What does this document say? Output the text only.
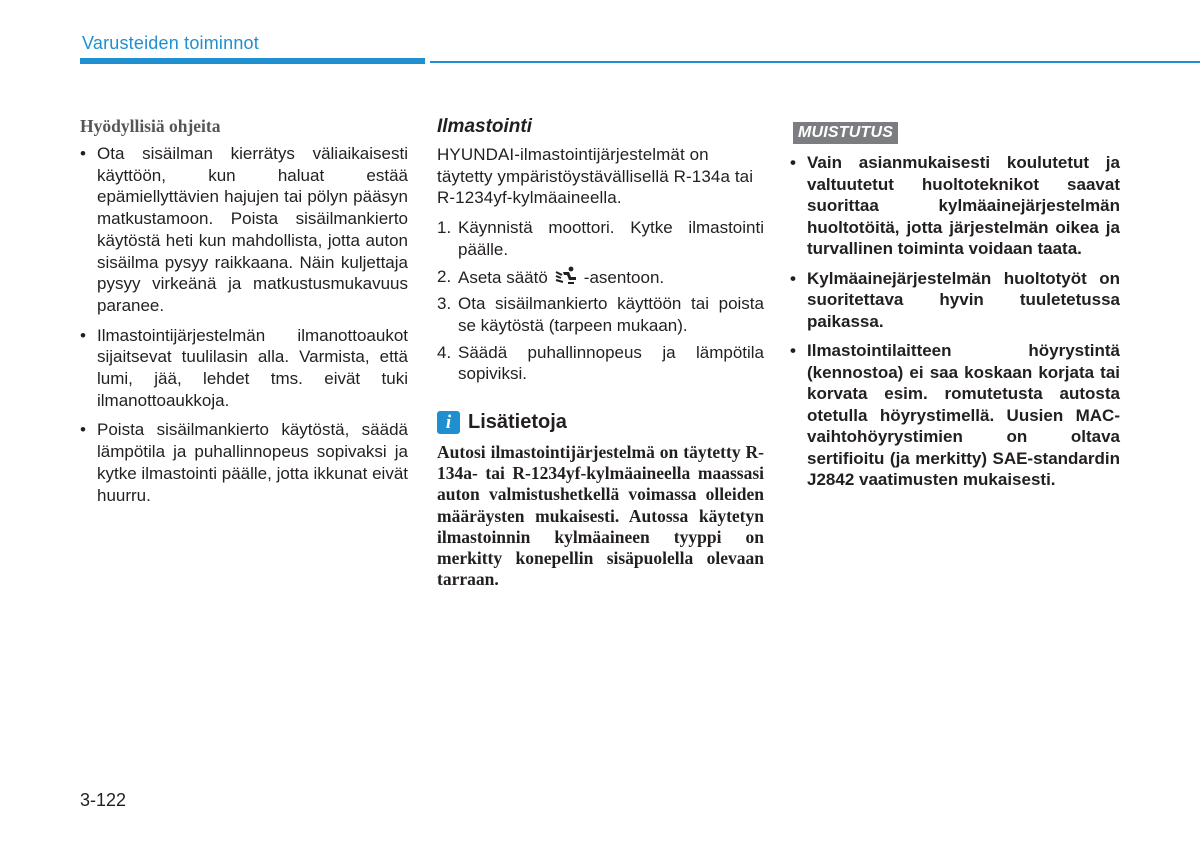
Varusteiden toiminnot

Hyödyllisiä ohjeita

• Ota sisäilman kierrätys väliaikaisesti käyttöön, kun haluat estää epämiellyttävien hajujen tai pölyn pääsyn matkustamoon. Poista sisäilmankierto käytöstä heti kun mahdollista, jotta auton sisäilma pysyy raikkaana. Näin kuljettaja pysyy virkeänä ja matkustusmukavuus paranee.
• Ilmastointijärjestelmän ilmanottoaukot sijaitsevat tuulilasin alla. Varmista, että lumi, jää, lehdet tms. eivät tuki ilmanottoaukkoja.
• Poista sisäilmankierto käytöstä, säädä lämpötila ja puhallinnopeus sopivaksi ja kytke ilmastointi päälle, jotta ikkunat eivät huurru.

Ilmastointi

HYUNDAI-ilmastointijärjestelmät on täytetty ympäristöystävällisellä R-134a tai R-1234yf-kylmäaineella.

1. Käynnistä moottori. Kytke ilmastointi päälle.
2. Aseta säätö -asentoon.
3. Ota sisäilmankierto käyttöön tai poista se käytöstä (tarpeen mukaan).
4. Säädä puhallinnopeus ja lämpötila sopiviksi.
i Lisätietoja

Autosi ilmastointijärjestelmä on täytetty R-134a- tai R-1234yf-kylmäaineella maassasi auton valmistushetkellä voimassa olleiden määräysten mukaisesti. Autossa käytetyn ilmastoinnin kylmäaineen tyyppi on merkitty konepellin sisäpuolella olevaan tarraan.

MUISTUTUS
• Vain asianmukaisesti koulutetut ja valtuutetut huoltoteknikot saavat suorittaa kylmäainejärjestelmän huoltotöitä, jotta järjestelmän oikea ja turvallinen toiminta voidaan taata.
• Kylmäainejärjestelmän huoltotyöt on suoritettava hyvin tuuletetussa paikassa.
• Ilmastointilaitteen höyrystintä (kennostoa) ei saa koskaan korjata tai korvata esim. romutetusta autosta otetulla höyrystimellä. Uusien MAC-vaihtohöyrystimien on oltava sertifioitu (ja merkitty) SAE-standardin J2842 vaatimusten mukaisesti.
3-122
